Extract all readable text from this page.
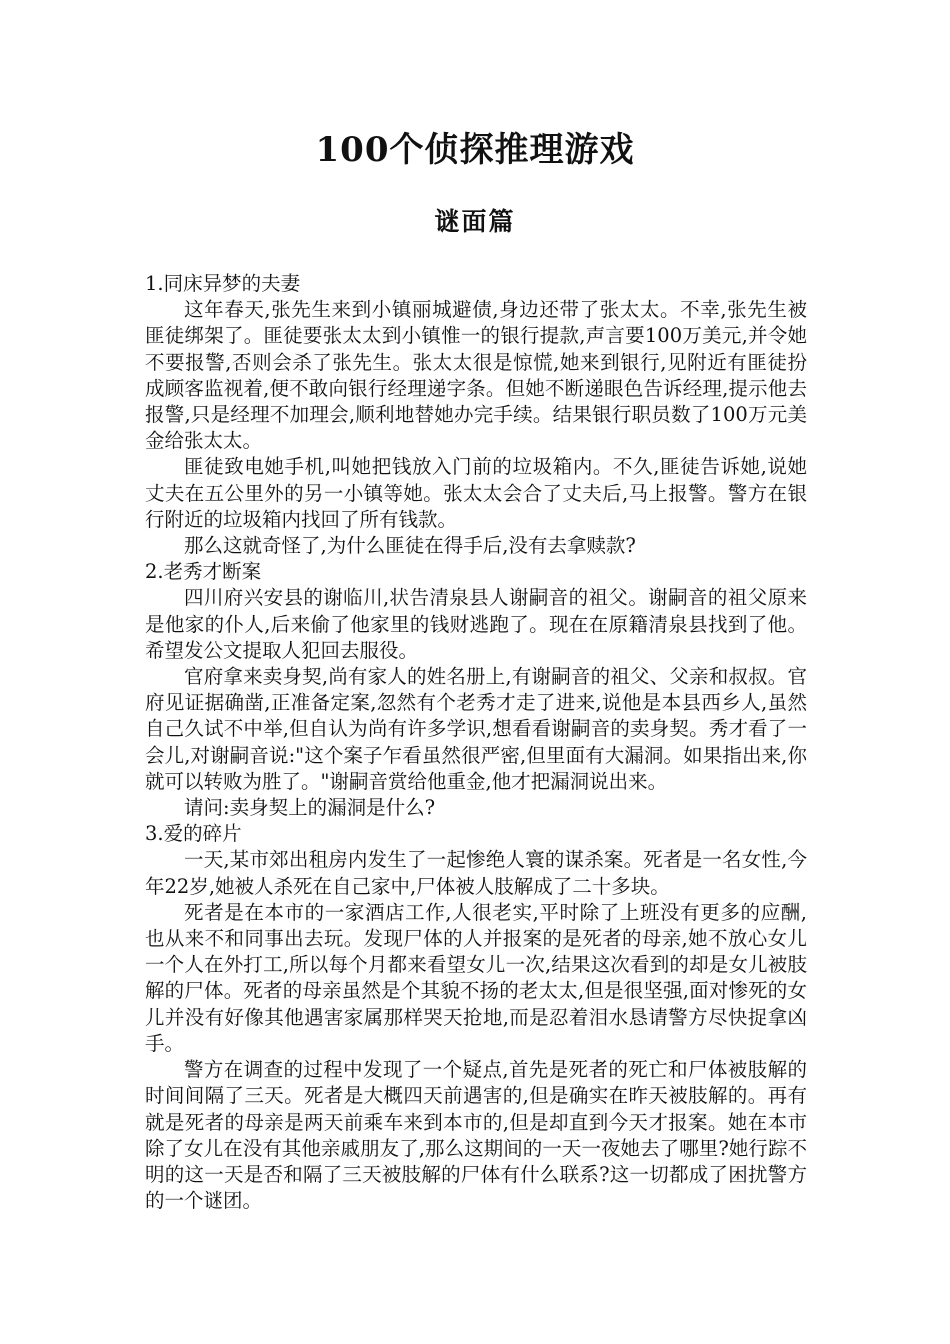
100个侦探推理游戏
谜面篇

1.同床异梦的夫妻

这年春天,张先生来到小镇丽城避债,身边还带了张太太。不幸,张先生被匪徒绑架了。匪徒要张太太到小镇惟一的银行提款,声言要100万美元,并令她不要报警,否则会杀了张先生。张太太很是惊慌,她来到银行,见附近有匪徒扮成顾客监视着,便不敢向银行经理递字条。但她不断递眼色告诉经理,提示他去报警,只是经理不加理会,顺利地替她办完手续。结果银行职员数了100万元美金给张太太。

匪徒致电她手机,叫她把钱放入门前的垃圾箱内。不久,匪徒告诉她,说她丈夫在五公里外的另一小镇等她。张太太会合了丈夫后,马上报警。警方在银行附近的垃圾箱内找回了所有钱款。

那么这就奇怪了,为什么匪徒在得手后,没有去拿赎款?

2.老秀才断案

四川府兴安县的谢临川,状告清泉县人谢嗣音的祖父。谢嗣音的祖父原来是他家的仆人,后来偷了他家里的钱财逃跑了。现在在原籍清泉县找到了他。希望发公文提取人犯回去服役。

官府拿来卖身契,尚有家人的姓名册上,有谢嗣音的祖父、父亲和叔叔。官府见证据确凿,正准备定案,忽然有个老秀才走了进来,说他是本县西乡人,虽然自己久试不中举,但自认为尚有许多学识,想看看谢嗣音的卖身契。秀才看了一会儿,对谢嗣音说:"这个案子乍看虽然很严密,但里面有大漏洞。如果指出来,你就可以转败为胜了。"谢嗣音赏给他重金,他才把漏洞说出来。

请问:卖身契上的漏洞是什么?

3.爱的碎片

一天,某市郊出租房内发生了一起惨绝人寰的谋杀案。死者是一名女性,今年22岁,她被人杀死在自己家中,尸体被人肢解成了二十多块。

死者是在本市的一家酒店工作,人很老实,平时除了上班没有更多的应酬,也从来不和同事出去玩。发现尸体的人并报案的是死者的母亲,她不放心女儿一个人在外打工,所以每个月都来看望女儿一次,结果这次看到的却是女儿被肢解的尸体。死者的母亲虽然是个其貌不扬的老太太,但是很坚强,面对惨死的女儿并没有好像其他遇害家属那样哭天抢地,而是忍着泪水恳请警方尽快捉拿凶手。

警方在调查的过程中发现了一个疑点,首先是死者的死亡和尸体被肢解的时间间隔了三天。死者是大概四天前遇害的,但是确实在昨天被肢解的。再有就是死者的母亲是两天前乘车来到本市的,但是却直到今天才报案。她在本市除了女儿在没有其他亲戚朋友了,那么这期间的一天一夜她去了哪里?她行踪不明的这一天是否和隔了三天被肢解的尸体有什么联系?这一切都成了困扰警方的一个谜团。
